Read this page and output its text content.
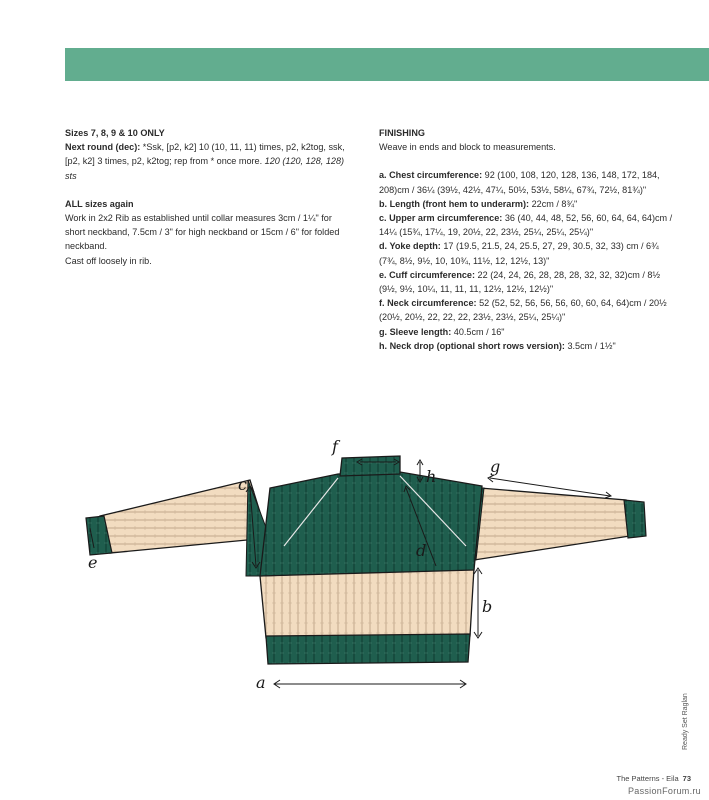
Sizes 7, 8, 9 & 10 ONLY
Next round (dec): *Ssk, [p2, k2] 10 (10, 11, 11) times, p2, k2tog, ssk, [p2, k2] 3 times, p2, k2tog; rep from * once more. 120 (120, 128, 128) sts
ALL sizes again
Work in 2x2 Rib as established until collar measures 3cm / 1¼" for short neckband, 7.5cm / 3" for high neckband or 15cm / 6" for folded neckband.
Cast off loosely in rib.
FINISHING
Weave in ends and block to measurements.
a. Chest circumference: 92 (100, 108, 120, 128, 136, 148, 172, 184, 208)cm / 36¼ (39½, 42½, 47¼, 50½, 53½, 58¼, 67¾, 72½, 81¾)"
b. Length (front hem to underarm): 22cm / 8¾"
c. Upper arm circumference: 36 (40, 44, 48, 52, 56, 60, 64, 64, 64)cm / 14¼ (15¾, 17¼, 19, 20½, 22, 23½, 25¼, 25¼, 25¼)"
d. Yoke depth: 17 (19.5, 21.5, 24, 25.5, 27, 29, 30.5, 32, 33) cm / 6¾ (7¾, 8½, 9½, 10, 10¾, 11½, 12, 12½, 13)"
e. Cuff circumference: 22 (24, 24, 26, 28, 28, 28, 32, 32, 32)cm / 8½ (9½, 9½, 10¼, 11, 11, 11, 12½, 12½, 12½)"
f. Neck circumference: 52 (52, 52, 56, 56, 56, 60, 60, 64, 64)cm / 20½ (20½, 20½, 22, 22, 22, 23½, 23½, 25¼, 25¼)"
g. Sleeve length: 40.5cm / 16"
h. Neck drop (optional short rows version): 3.5cm / 1½"
f
h
g
c
d
b
a
e
Ready Set Raglan
The Patterns - Eila 73
PassionForum.ru
